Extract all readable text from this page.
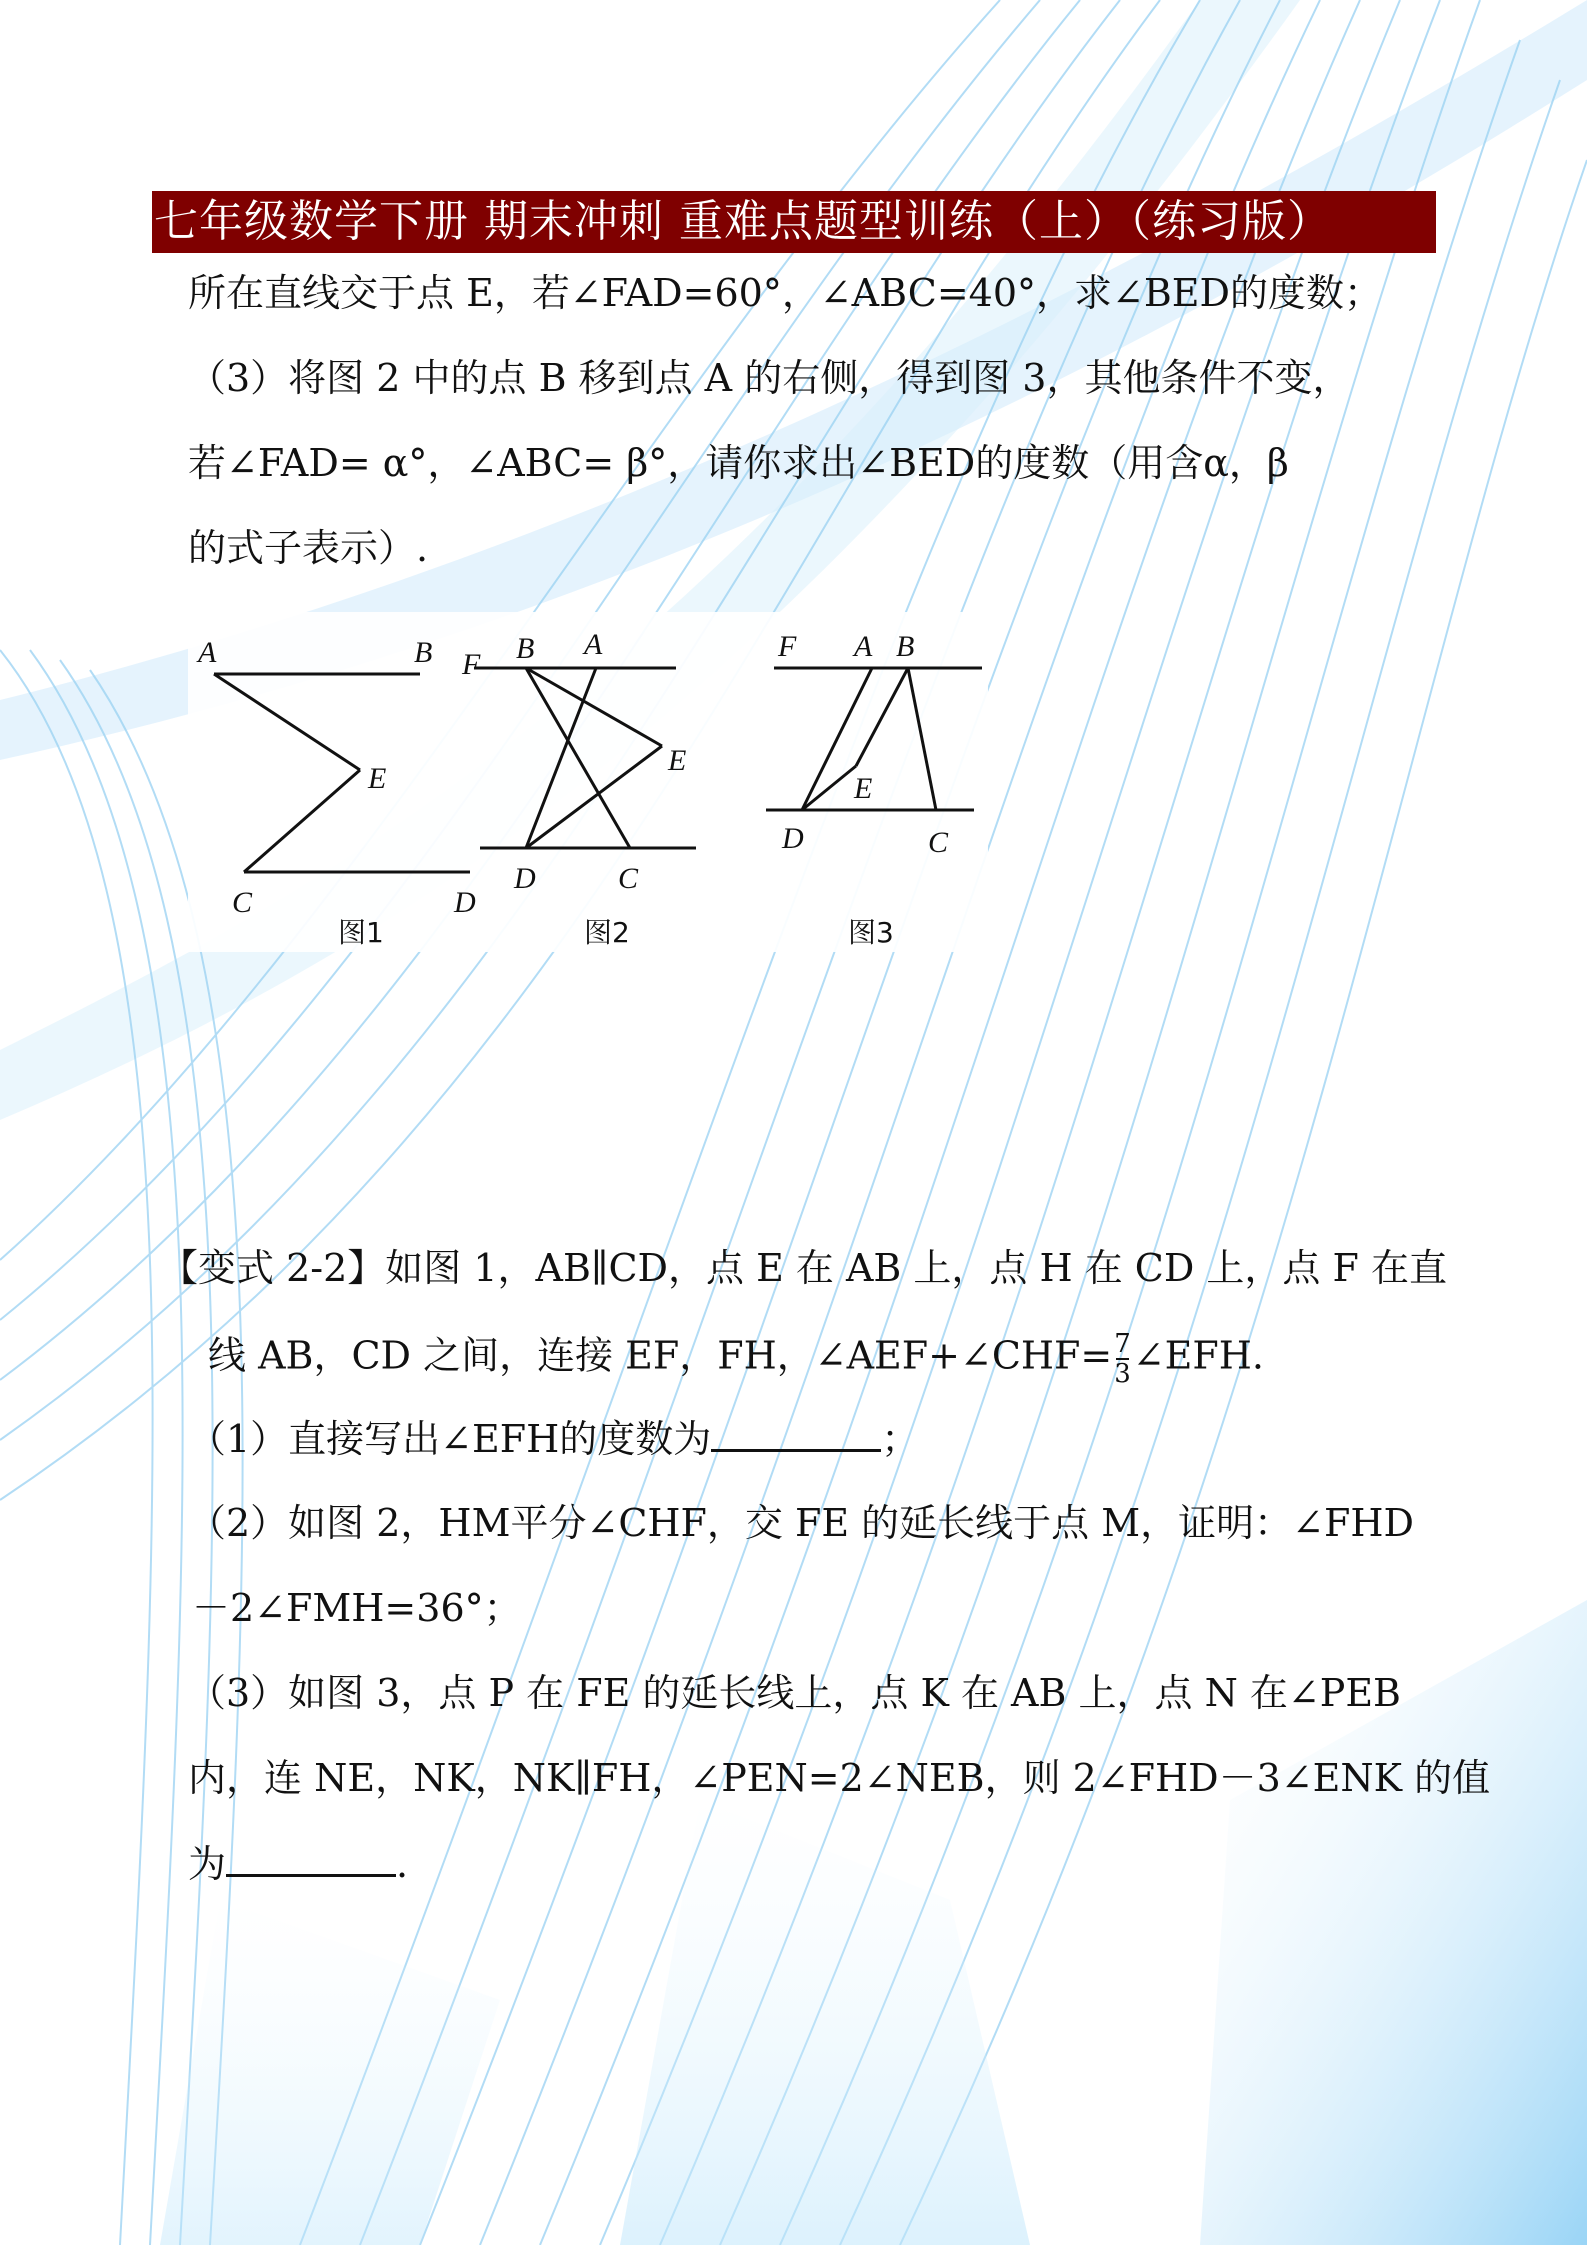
七年级数学下册 期末冲刺 重难点题型训练（上）（练习版）
所在直线交于点 E，若∠FAD=60°，∠ABC=40°，求∠BED的度数；
（3）将图 2 中的点 B 移到点 A 的右侧，得到图 3，其他条件不变，
若∠FAD= α°，∠ABC= β°，请你求出∠BED的度数（用含α，β
的式子表示）.
A	B
E
C	D
图1
F B A
E
D	C
图2
F A B
E
D	C
图3
【变式 2-2】如图 1，AB∥CD，点 E 在 AB 上，点 H 在 CD 上，点 F 在直
线 AB，CD 之间，连接 EF，FH，∠AEF+∠CHF= $\frac{7}{3}$ ∠EFH.
（1）直接写出∠EFH的度数为	；
（2）如图 2，HM平分∠CHF，交 FE 的延长线于点 M，证明：∠FHD
－2∠FMH=36°；
（3）如图 3，点 P 在 FE 的延长线上，点 K 在 AB 上，点 N 在∠PEB
内，连 NE，NK，NK∥FH，∠PEN=2∠NEB，则 2∠FHD－3∠ENK 的值
为	.
